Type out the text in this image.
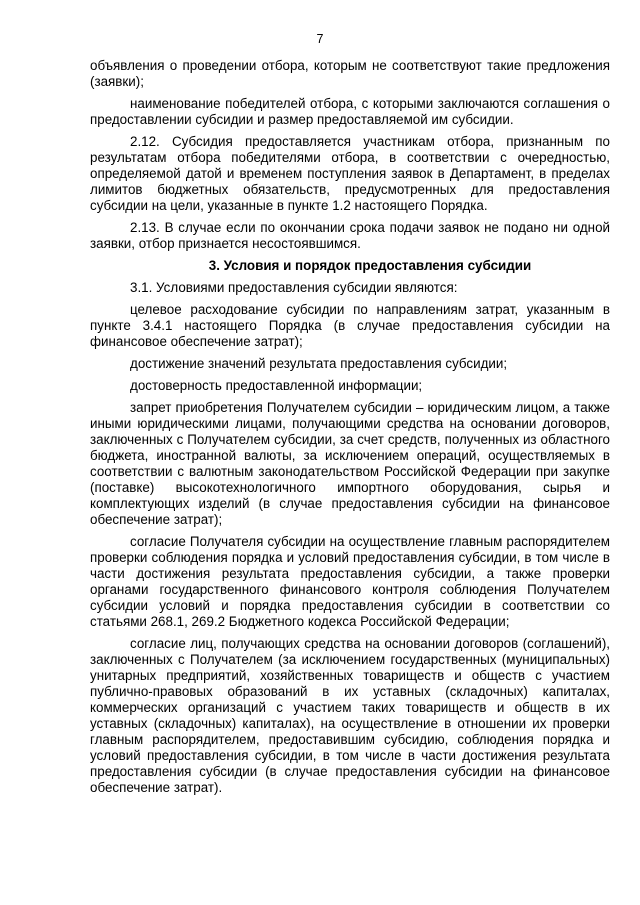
7

объявления о проведении отбора, которым не соответствуют такие предложения (заявки);

наименование победителей отбора, с которыми заключаются соглашения о предоставлении субсидии и размер предоставляемой им субсидии.

2.12. Субсидия предоставляется участникам отбора, признанным по результатам отбора победителями отбора, в соответствии с очередностью, определяемой датой и временем поступления заявок в Департамент, в пределах лимитов бюджетных обязательств, предусмотренных для предоставления субсидии на цели, указанные в пункте 1.2 настоящего Порядка.

2.13. В случае если по окончании срока подачи заявок не подано ни одной заявки, отбор признается несостоявшимся.

3. Условия и порядок предоставления субсидии

3.1. Условиями предоставления субсидии являются:

целевое расходование субсидии по направлениям затрат, указанным в пункте 3.4.1 настоящего Порядка (в случае предоставления субсидии на финансовое обеспечение затрат);

достижение значений результата предоставления субсидии;

достоверность предоставленной информации;

запрет приобретения Получателем субсидии – юридическим лицом, а также иными юридическими лицами, получающими средства на основании договоров, заключенных с Получателем субсидии, за счет средств, полученных из областного бюджета, иностранной валюты, за исключением операций, осуществляемых в соответствии с валютным законодательством Российской Федерации при закупке (поставке) высокотехнологичного импортного оборудования, сырья и комплектующих изделий (в случае предоставления субсидии на финансовое обеспечение затрат);

согласие Получателя субсидии на осуществление главным распорядителем проверки соблюдения порядка и условий предоставления субсидии, в том числе в части достижения результата предоставления субсидии, а также проверки органами государственного финансового контроля соблюдения Получателем субсидии условий и порядка предоставления субсидии в соответствии со статьями 268.1, 269.2 Бюджетного кодекса Российской Федерации;

согласие лиц, получающих средства на основании договоров (соглашений), заключенных с Получателем (за исключением государственных (муниципальных) унитарных предприятий, хозяйственных товариществ и обществ с участием публично-правовых образований в их уставных (складочных) капиталах, коммерческих организаций с участием таких товариществ и обществ в их уставных (складочных) капиталах), на осуществление в отношении их проверки главным распорядителем, предоставившим субсидию, соблюдения порядка и условий предоставления субсидии, в том числе в части достижения результата предоставления субсидии (в случае предоставления субсидии на финансовое обеспечение затрат).
